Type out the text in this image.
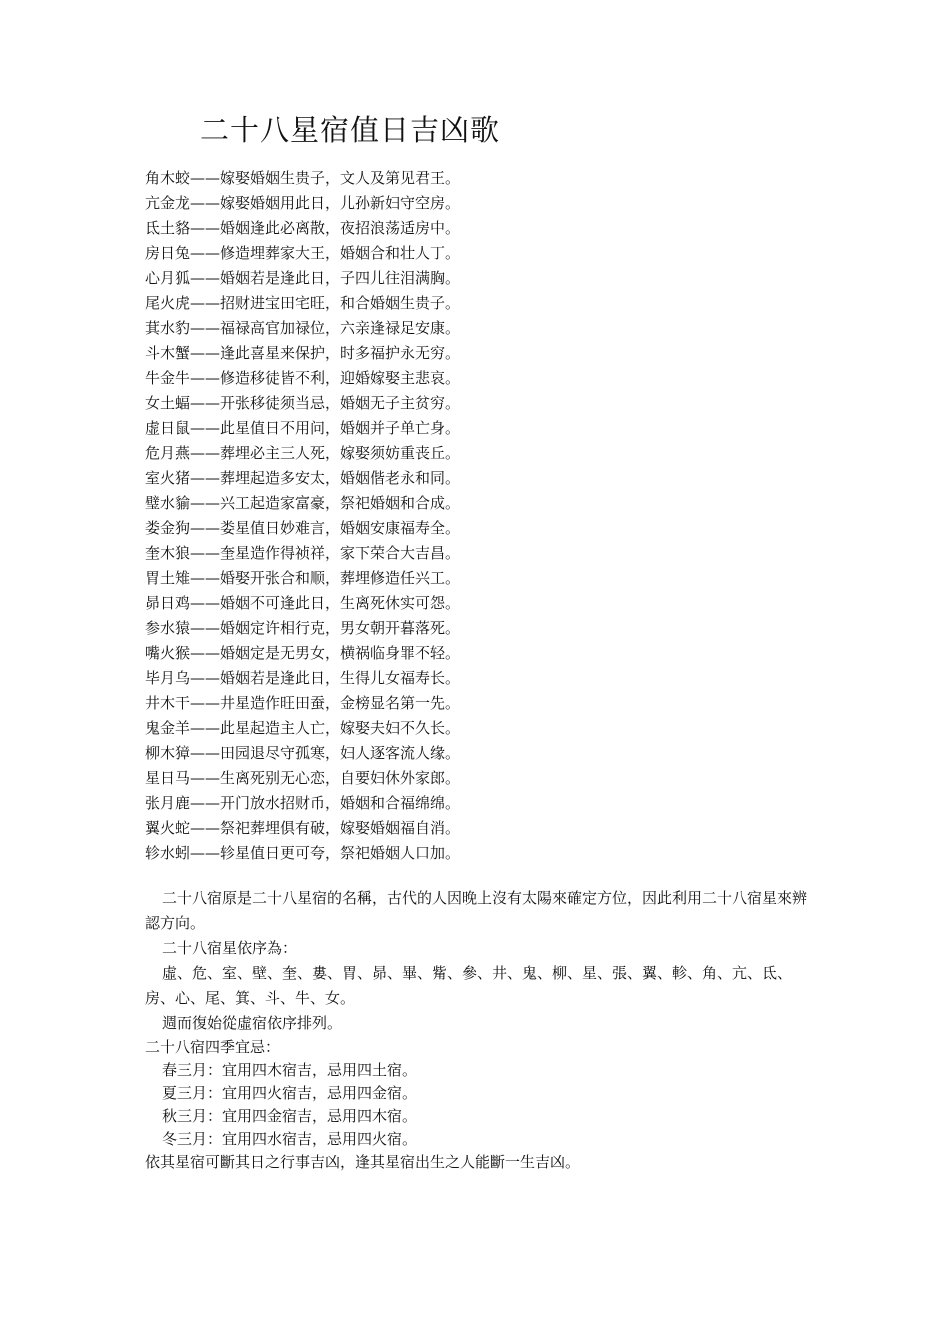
二十八星宿值日吉凶歌
角木蛟——嫁娶婚姻生贵子，文人及第见君王。
亢金龙——嫁娶婚姻用此日，儿孙新妇守空房。
氐土貉——婚姻逢此必离散，夜招浪荡适房中。
房日兔——修造埋葬家大王，婚姻合和壮人丁。
心月狐——婚姻若是逢此日，子四儿往泪满胸。
尾火虎——招财进宝田宅旺，和合婚姻生贵子。
萁水豹——福禄高官加禄位，六亲逢禄足安康。
斗木蟹——逢此喜星来保护，时多福护永无穷。
牛金牛——修造移徒皆不利，迎婚嫁娶主悲哀。
女土蝠——开张移徒须当忌，婚姻无子主贫穷。
虚日鼠——此星值日不用问，婚姻并子单亡身。
危月燕——葬埋必主三人死，嫁娶须妨重丧丘。
室火猪——葬埋起造多安太，婚姻偕老永和同。
璧水貐——兴工起造家富豪，祭祀婚姻和合成。
娄金狗——娄星值日妙难言，婚姻安康福寿全。
奎木狼——奎星造作得祯祥，家下荣合大吉昌。
胃土雉——婚娶开张合和顺，葬埋修造任兴工。
昴日鸡——婚姻不可逢此日，生离死休实可怨。
参水猿——婚姻定许相行克，男女朝开暮落死。
嘴火猴——婚姻定是无男女，横祸临身罪不轻。
毕月乌——婚姻若是逢此日，生得儿女福寿长。
井木干——井星造作旺田蚕，金榜显名第一先。
鬼金羊——此星起造主人亡，嫁娶夫妇不久长。
柳木獐——田园退尽守孤寒，妇人逐客流人缘。
星日马——生离死别无心恋，自要妇休外家郎。
张月鹿——开门放水招财币，婚姻和合福绵绵。
翼火蛇——祭祀葬埋俱有破，嫁娶婚姻福自消。
轸水蚓——轸星值日更可夸，祭祀婚姻人口加。

二十八宿原是二十八星宿的名稱，古代的人因晚上沒有太陽來確定方位，因此利用二十八宿星來辨認方向。

二十八宿星依序為：

虛、危、室、壁、奎、婁、胃、昴、畢、觜、參、井、鬼、柳、星、張、翼、軫、角、亢、氐、房、心、尾、箕、斗、牛、女。

週而復始從虛宿依序排列。

二十八宿四季宜忌：

春三月：宜用四木宿吉，忌用四土宿。
夏三月：宜用四火宿吉，忌用四金宿。
秋三月：宜用四金宿吉，忌用四木宿。
冬三月：宜用四水宿吉，忌用四火宿。

依其星宿可斷其日之行事吉凶，逢其星宿出生之人能斷一生吉凶。
